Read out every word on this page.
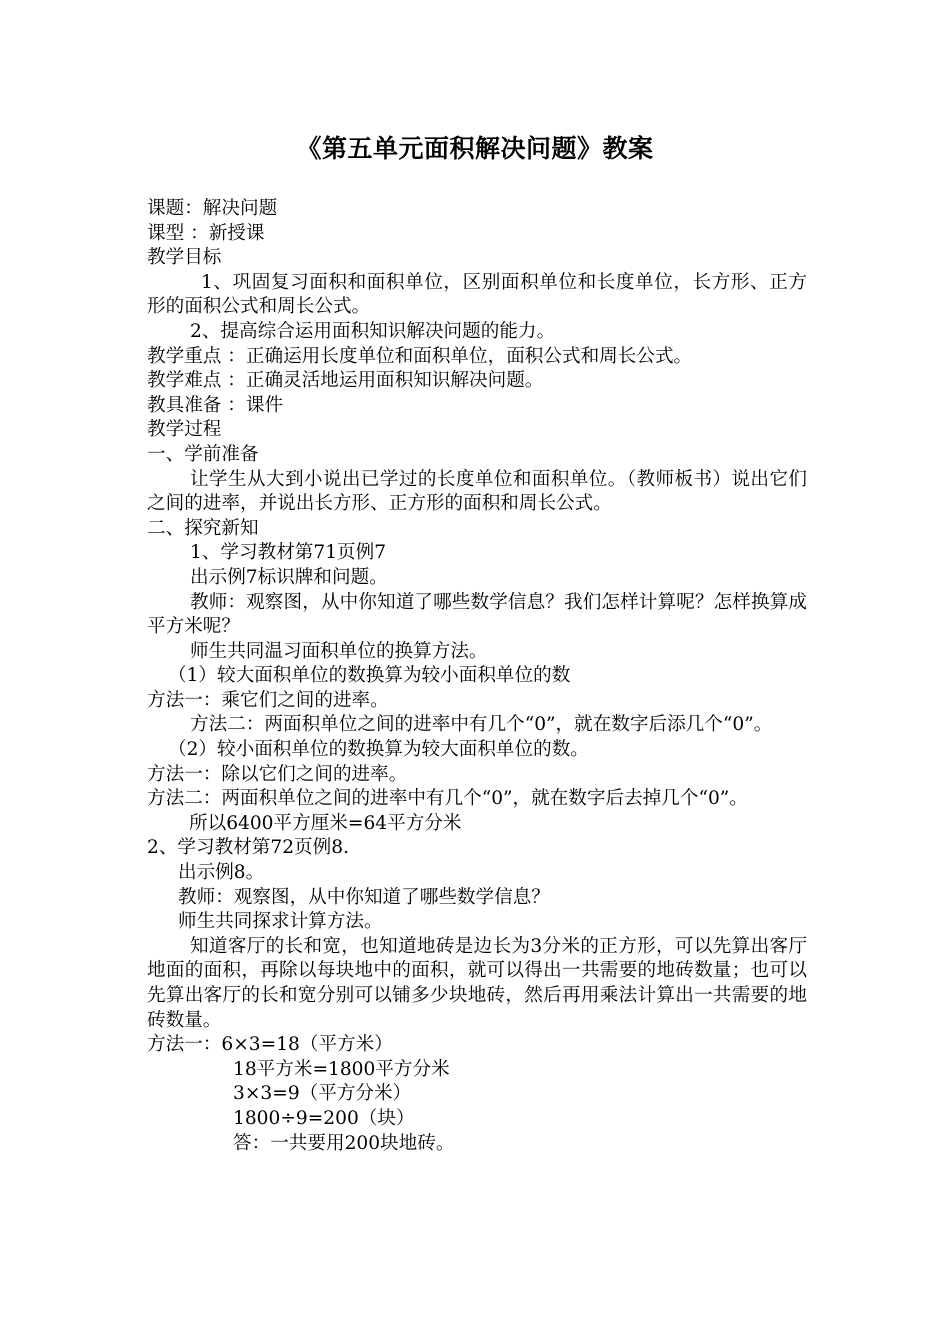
《第五单元面积解决问题》教案

课题：解决问题

课型 ：新授课

教学目标

1、巩固复习面积和面积单位，区别面积单位和长度单位，长方形、正方形的面积公式和周长公式。

2、提高综合运用面积知识解决问题的能力。

教学重点 ：正确运用长度单位和面积单位，面积公式和周长公式。

教学难点 ：正确灵活地运用面积知识解决问题。

教具准备 ：课件

教学过程

一、学前准备

让学生从大到小说出已学过的长度单位和面积单位。（教师板书）说出它们之间的进率，并说出长方形、正方形的面积和周长公式。

二、探究新知

1、学习教材第71页例7

出示例7标识牌和问题。

教师：观察图，从中你知道了哪些数学信息？我们怎样计算呢？怎样换算成平方米呢？

师生共同温习面积单位的换算方法。

（1）较大面积单位的数换算为较小面积单位的数

方法一：乘它们之间的进率。

方法二：两面积单位之间的进率中有几个“0”，就在数字后添几个“0”。

（2）较小面积单位的数换算为较大面积单位的数。

方法一：除以它们之间的进率。

方法二：两面积单位之间的进率中有几个“0”，就在数字后去掉几个“0”。

所以6400平方厘米=64平方分米

2、学习教材第72页例8.

出示例8。

教师：观察图，从中你知道了哪些数学信息？

师生共同探求计算方法。

知道客厅的长和宽，也知道地砖是边长为3分米的正方形，可以先算出客厅地面的面积，再除以每块地中的面积，就可以得出一共需要的地砖数量；也可以先算出客厅的长和宽分别可以铺多少块地砖，然后再用乘法计算出一共需要的地砖数量。

方法一：6×3=18（平方米）

18平方米=1800平方分米

3×3=9（平方分米）

1800÷9=200（块）

答：一共要用200块地砖。
